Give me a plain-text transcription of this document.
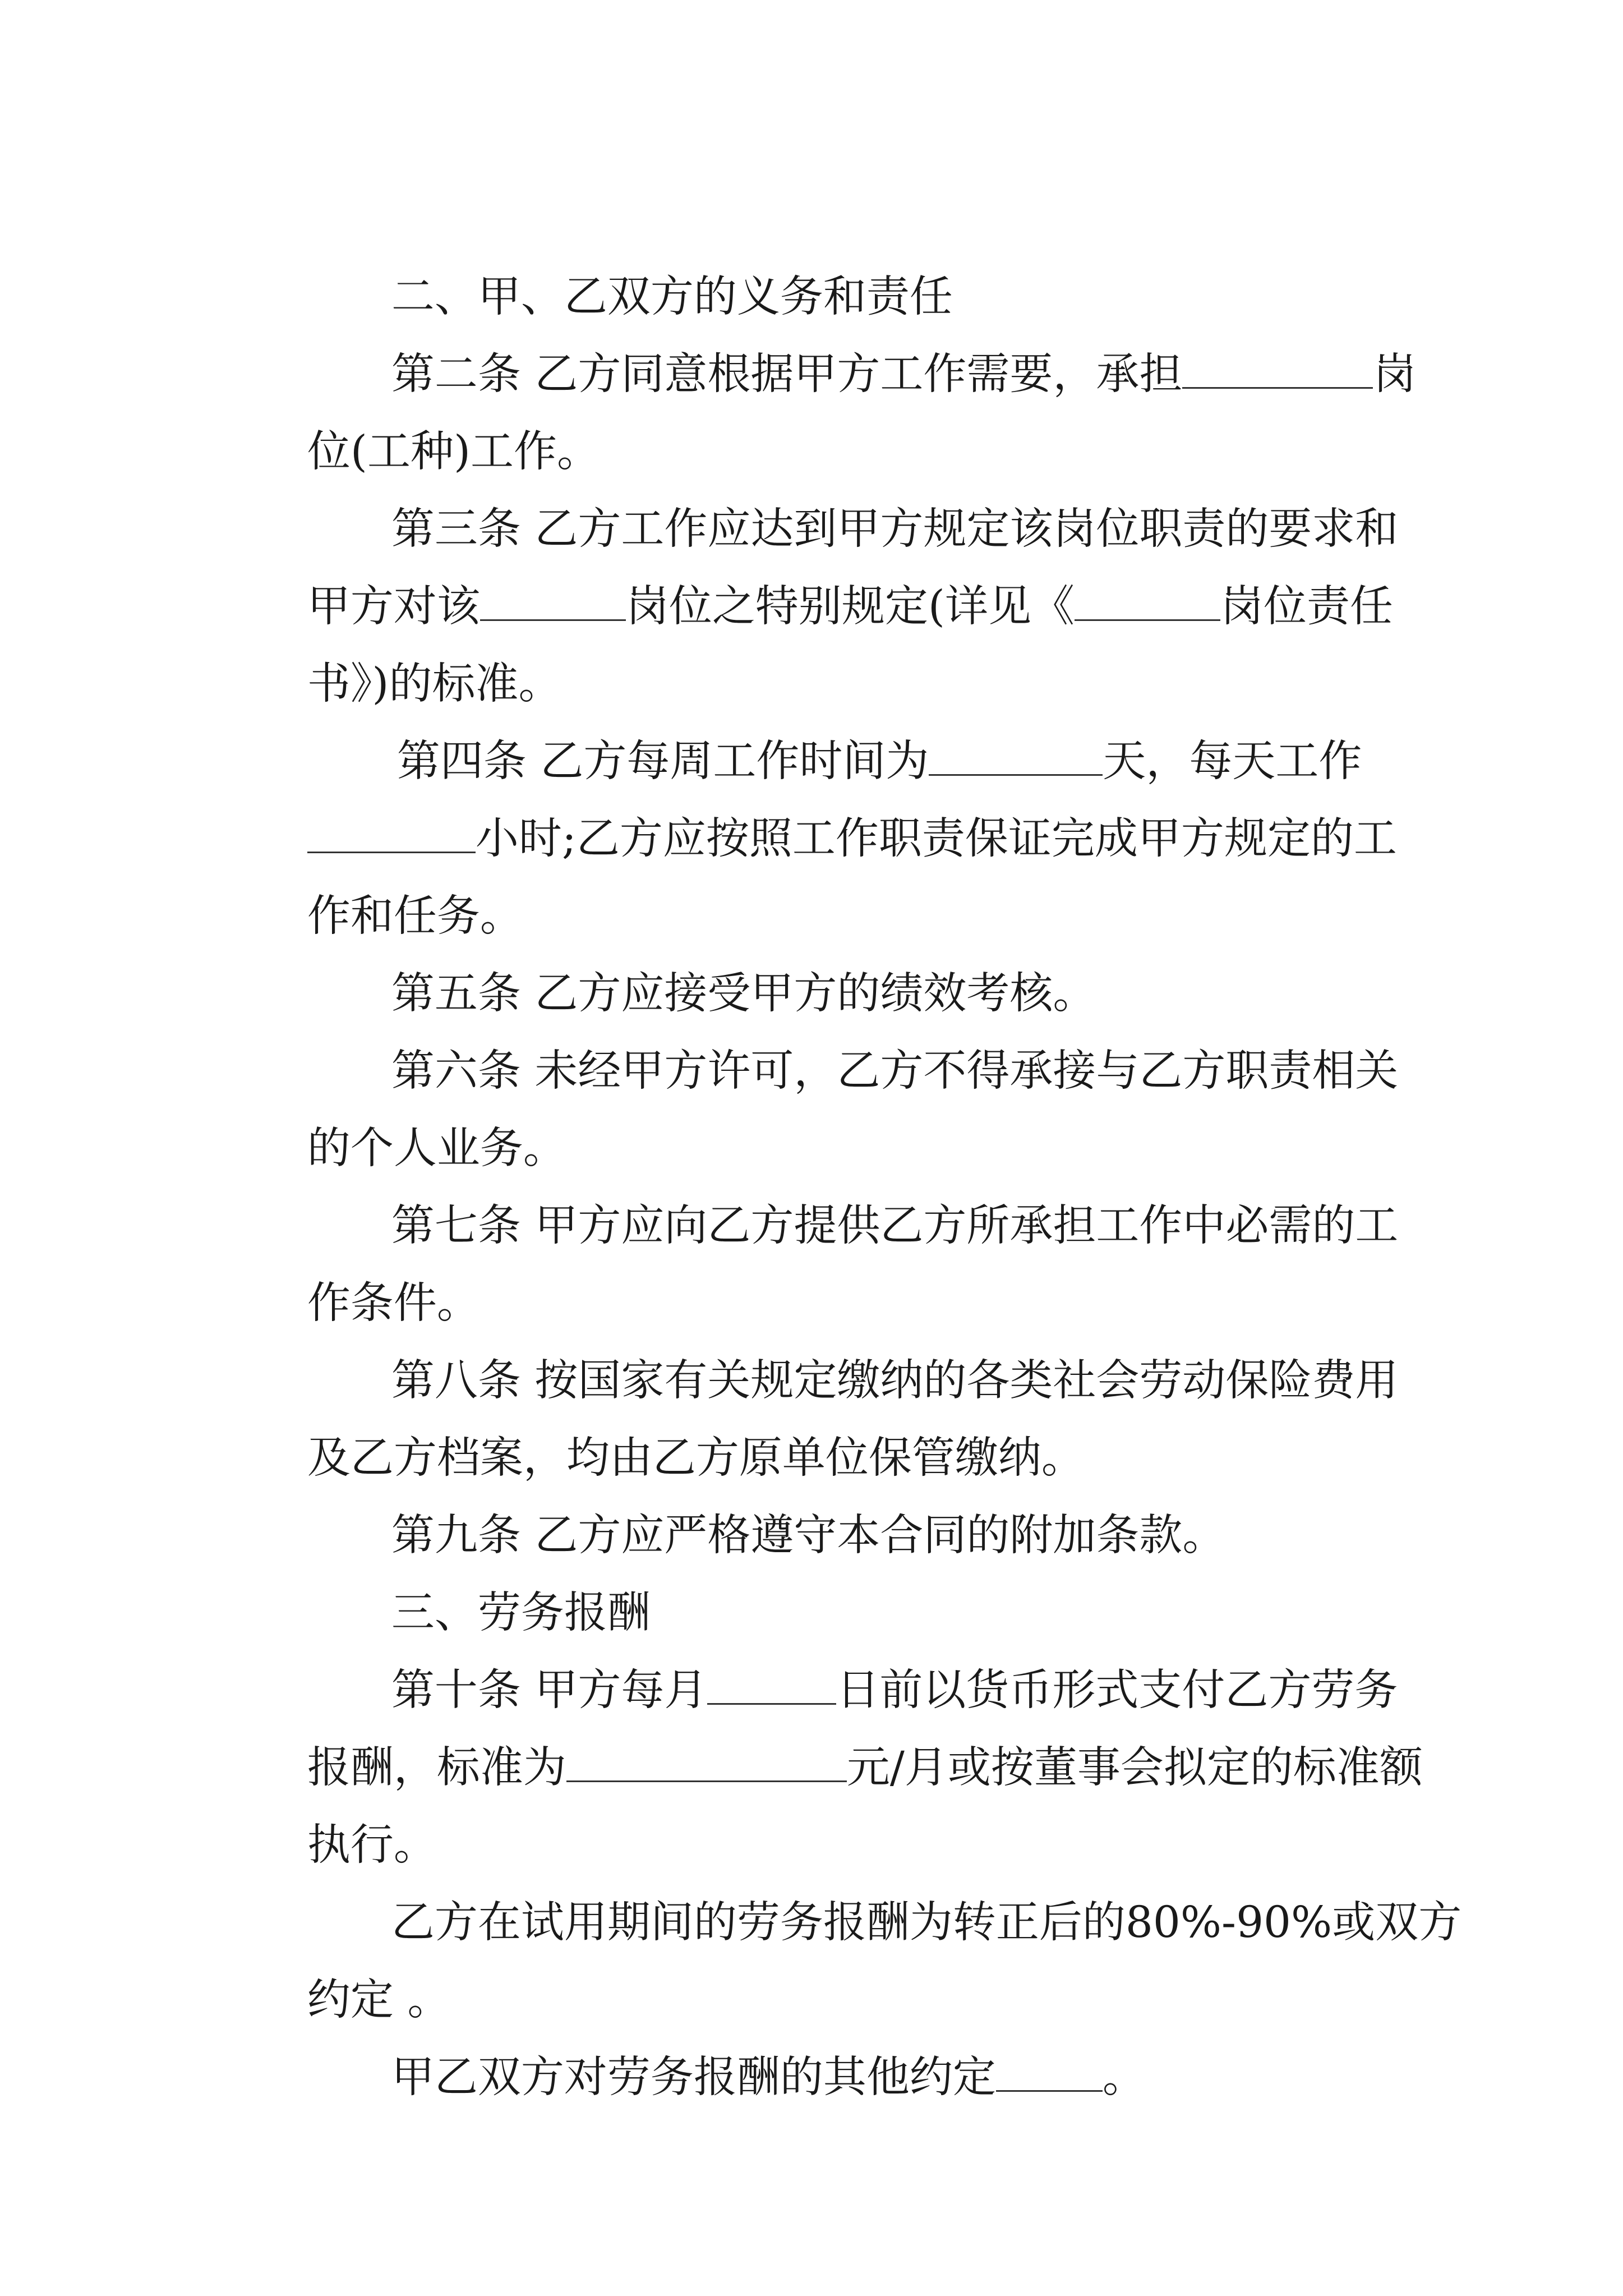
二、甲、乙双方的义务和责任

第二条 乙方同意根据甲方工作需要，承担	岗

位(工种)工作。

第三条 乙方工作应达到甲方规定该岗位职责的要求和

甲方对该	岗位之特别规定(详见《	岗位责任

书》)的标准。

第四条 乙方每周工作时间为	天，每天工作

小时;乙方应按照工作职责保证完成甲方规定的工

作和任务。

第五条 乙方应接受甲方的绩效考核。

第六条 未经甲方许可，乙方不得承接与乙方职责相关

的个人业务。

第七条 甲方应向乙方提供乙方所承担工作中必需的工

作条件。

第八条 按国家有关规定缴纳的各类社会劳动保险费用

及乙方档案，均由乙方原单位保管缴纳。

第九条 乙方应严格遵守本合同的附加条款。

三、劳务报酬

第十条 甲方每月	日前以货币形式支付乙方劳务

报酬，标准为	元/月或按董事会拟定的标准额

执行。

乙方在试用期间的劳务报酬为转正后的80%-90%或双方

约定 。

甲乙双方对劳务报酬的其他约定 。
